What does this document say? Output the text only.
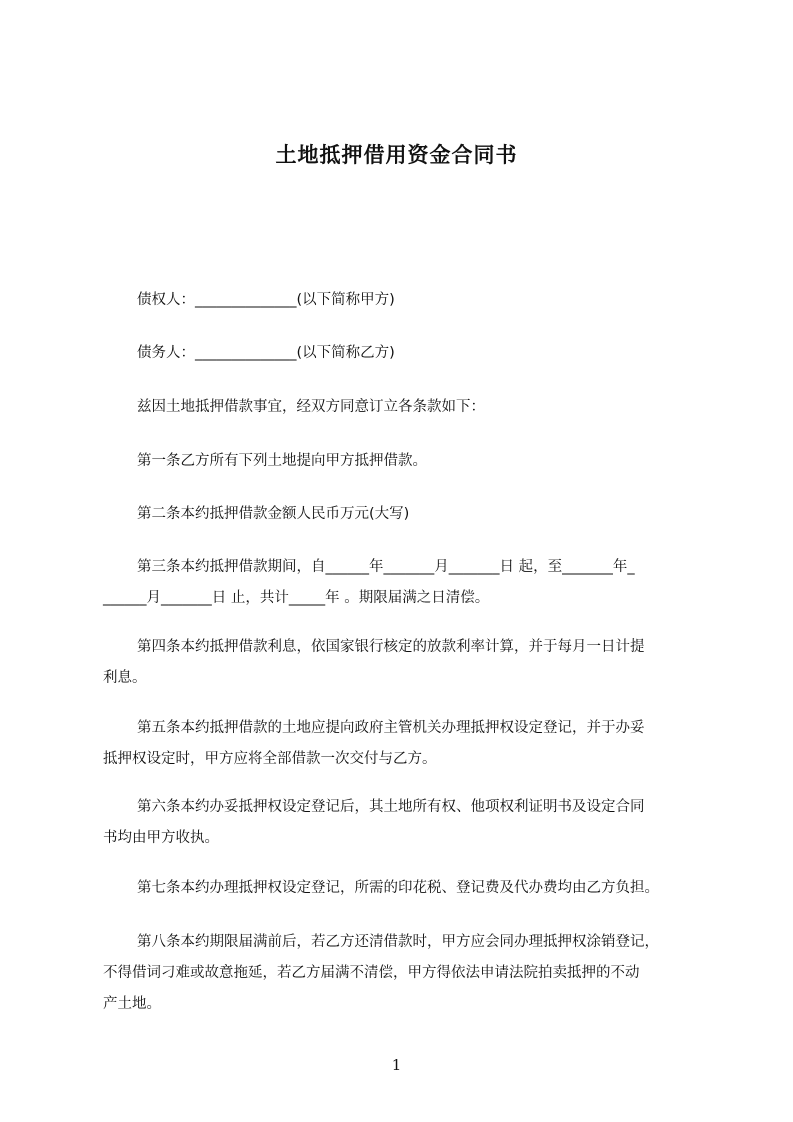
土地抵押借用资金合同书
债权人：______________(以下简称甲方)
债务人：______________(以下简称乙方)
兹因土地抵押借款事宜，经双方同意订立各条款如下：
第一条乙方所有下列土地提向甲方抵押借款。
第二条本约抵押借款金额人民币万元(大写)
第三条本约抵押借款期间，自______年_______月_______日 起，至_______年_
______月_______日 止，共计_____年 。期限届满之日清偿。
第四条本约抵押借款利息，依国家银行核定的放款利率计算，并于每月一日计提
利息。
第五条本约抵押借款的土地应提向政府主管机关办理抵押权设定登记，并于办妥
抵押权设定时，甲方应将全部借款一次交付与乙方。
第六条本约办妥抵押权设定登记后，其土地所有权、他项权利证明书及设定合同
书均由甲方收执。
第七条本约办理抵押权设定登记，所需的印花税、登记费及代办费均由乙方负担。
第八条本约期限届满前后，若乙方还清借款时，甲方应会同办理抵押权涂销登记，
不得借词刁难或故意拖延，若乙方届满不清偿，甲方得依法申请法院拍卖抵押的不动
产土地。
1
